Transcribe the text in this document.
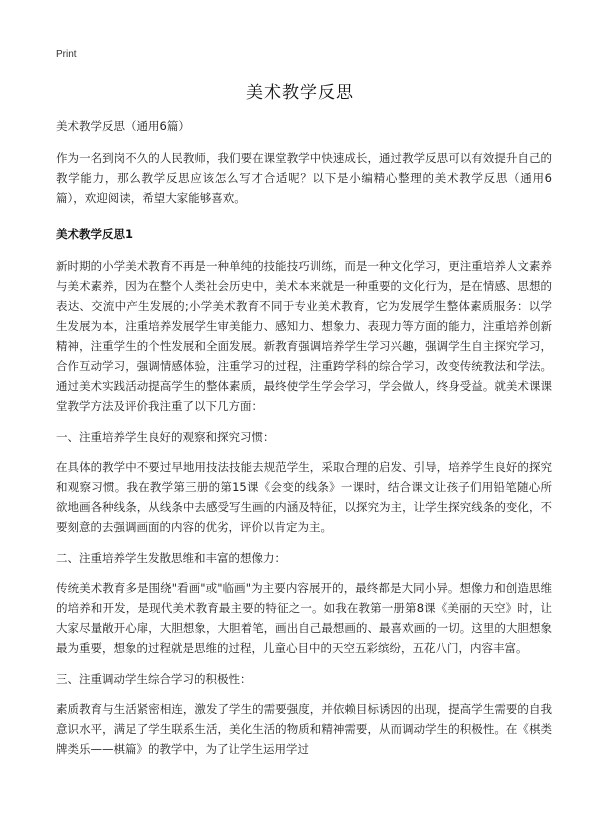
Print
美术教学反思

美术教学反思（通用6篇）

作为一名到岗不久的人民教师，我们要在课堂教学中快速成长，通过教学反思可以有效提升自己的教学能力，那么教学反思应该怎么写才合适呢？以下是小编精心整理的美术教学反思（通用6篇），欢迎阅读，希望大家能够喜欢。

美术教学反思1

新时期的小学美术教育不再是一种单纯的技能技巧训练，而是一种文化学习，更注重培养人文素养与美术素养，因为在整个人类社会历史中，美术本来就是一种重要的文化行为，是在情感、思想的表达、交流中产生发展的;小学美术教育不同于专业美术教育，它为发展学生整体素质服务：以学生发展为本，注重培养发展学生审美能力、感知力、想象力、表现力等方面的能力，注重培养创新精神，注重学生的个性发展和全面发展。新教育强调培养学生学习兴趣，强调学生自主探究学习，合作互动学习，强调情感体验，注重学习的过程，注重跨学科的综合学习，改变传统教法和学法。通过美术实践活动提高学生的整体素质，最终使学生学会学习，学会做人，终身受益。就美术课课堂教学方法及评价我注重了以下几方面：

一、注重培养学生良好的观察和探究习惯：

在具体的教学中不要过早地用技法技能去规范学生，采取合理的启发、引导，培养学生良好的探究和观察习惯。我在教学第三册的第15课《会变的线条》一课时，结合课文让孩子们用铅笔随心所欲地画各种线条，从线条中去感受写生画的内涵及特征，以探究为主，让学生探究线条的变化，不要刻意的去强调画面的内容的优劣，评价以肯定为主。

二、注重培养学生发散思维和丰富的想像力：

传统美术教育多是围绕"看画"或"临画"为主要内容展开的，最终都是大同小异。想像力和创造思维的培养和开发，是现代美术教育最主要的特征之一。如我在教第一册第8课《美丽的天空》时，让大家尽量敞开心扉，大胆想象，大胆着笔，画出自己最想画的、最喜欢画的一切。这里的大胆想象最为重要，想象的过程就是思维的过程，儿童心目中的天空五彩缤纷，五花八门，内容丰富。

三、注重调动学生综合学习的积极性：

素质教育与生活紧密相连，激发了学生的需要强度，并依赖目标诱因的出现，提高学生需要的自我意识水平，满足了学生联系生活，美化生活的物质和精神需要，从而调动学生的积极性。在《棋类牌类乐——棋篇》的教学中，为了让学生运用学过
